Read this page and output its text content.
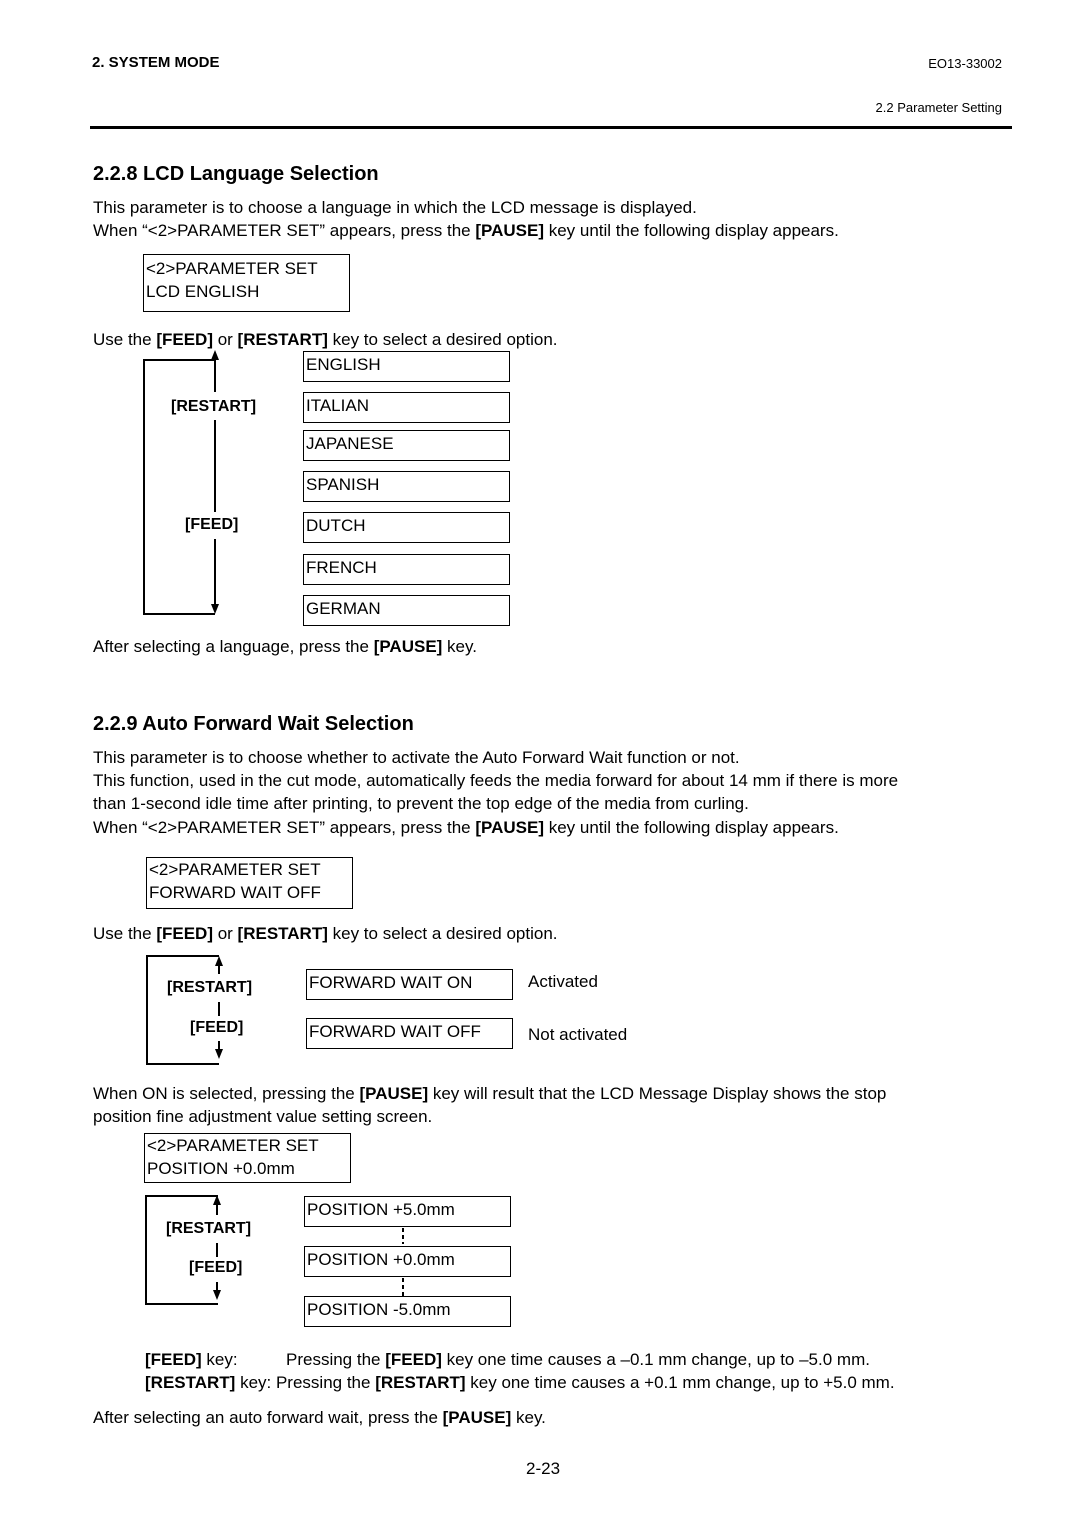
2. SYSTEM MODE	EO13-33002
2.2 Parameter Setting
2.2.8 LCD Language Selection
This parameter is to choose a language in which the LCD message is displayed.
When “<2>PARAMETER SET” appears, press the [PAUSE] key until the following display appears.
<2>PARAMETER SET
LCD ENGLISH
Use the [FEED] or [RESTART] key to select a desired option.
[RESTART]
[FEED]
ENGLISH
ITALIAN
JAPANESE
SPANISH
DUTCH
FRENCH
GERMAN
After selecting a language, press the [PAUSE] key.
2.2.9 Auto Forward Wait Selection
This parameter is to choose whether to activate the Auto Forward Wait function or not.
This function, used in the cut mode, automatically feeds the media forward for about 14 mm if there is more
than 1-second idle time after printing, to prevent the top edge of the media from curling.
When “<2>PARAMETER SET” appears, press the [PAUSE] key until the following display appears.
<2>PARAMETER SET
FORWARD WAIT OFF
Use the [FEED] or [RESTART] key to select a desired option.
[RESTART]
[FEED]
FORWARD WAIT ON	Activated
FORWARD WAIT OFF	Not activated
When ON is selected, pressing the [PAUSE] key will result that the LCD Message Display shows the stop
position fine adjustment value setting screen.
<2>PARAMETER SET
POSITION +0.0mm
[RESTART]
[FEED]
POSITION +5.0mm
POSITION +0.0mm
POSITION -5.0mm
[FEED] key:	Pressing the [FEED] key one time causes a –0.1 mm change, up to –5.0 mm.
[RESTART] key: Pressing the [RESTART] key one time causes a +0.1 mm change, up to +5.0 mm.
After selecting an auto forward wait, press the [PAUSE] key.
2-23
